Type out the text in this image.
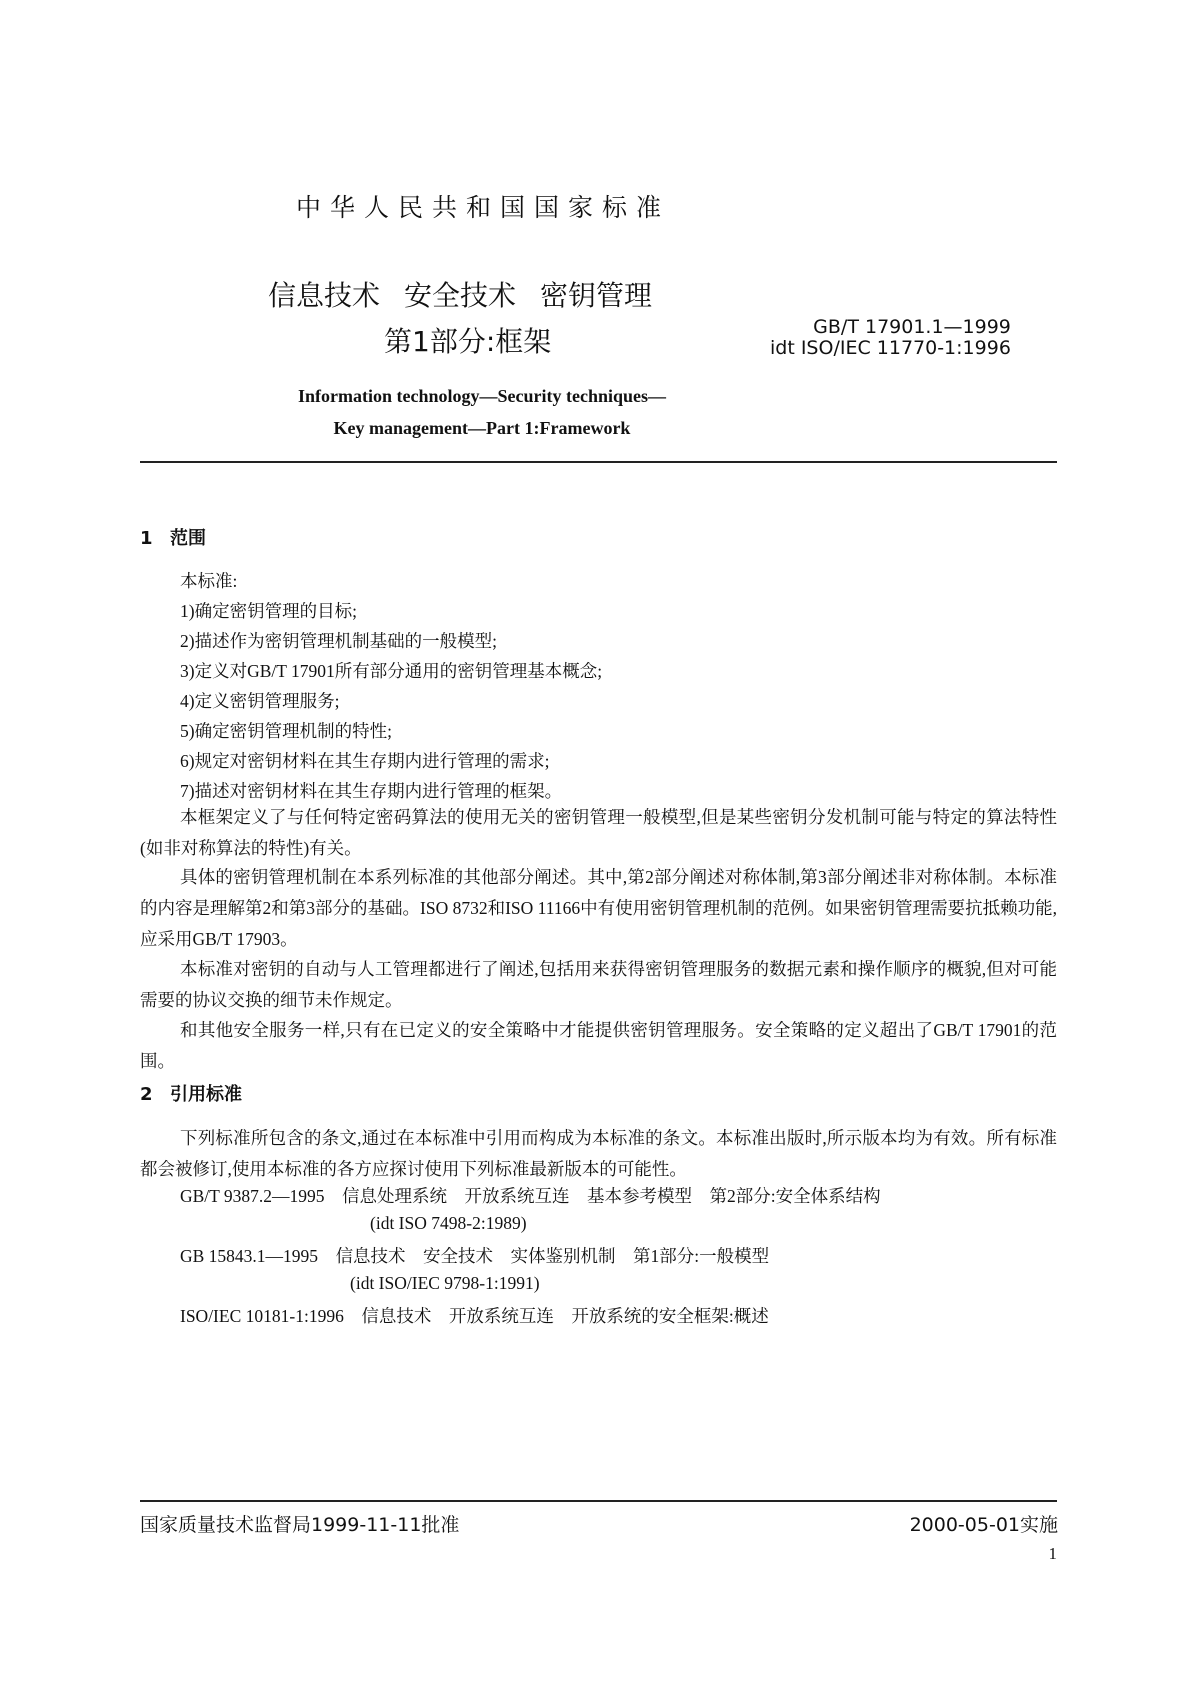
中华人民共和国国家标准
信息技术 安全技术 密钥管理
第1部分:框架	GB/T 17901.1—1999
idt ISO/IEC 11770-1:1996
Information technology—Security techniques—
Key management—Part 1:Framework
1 范围
本标准:
1)确定密钥管理的目标;
2)描述作为密钥管理机制基础的一般模型;
3)定义对GB/T 17901所有部分通用的密钥管理基本概念;
4)定义密钥管理服务;
5)确定密钥管理机制的特性;
6)规定对密钥材料在其生存期内进行管理的需求;
7)描述对密钥材料在其生存期内进行管理的框架。
本框架定义了与任何特定密码算法的使用无关的密钥管理一般模型,但是某些密钥分发机制可能与特定的算法特性(如非对称算法的特性)有关。
具体的密钥管理机制在本系列标准的其他部分阐述。其中,第2部分阐述对称体制,第3部分阐述非对称体制。本标准的内容是理解第2和第3部分的基础。ISO 8732和ISO 11166中有使用密钥管理机制的范例。如果密钥管理需要抗抵赖功能,应采用GB/T 17903。
本标准对密钥的自动与人工管理都进行了阐述,包括用来获得密钥管理服务的数据元素和操作顺序的概貌,但对可能需要的协议交换的细节未作规定。
和其他安全服务一样,只有在已定义的安全策略中才能提供密钥管理服务。安全策略的定义超出了GB/T 17901的范围。
2 引用标准
下列标准所包含的条文,通过在本标准中引用而构成为本标准的条文。本标准出版时,所示版本均为有效。所有标准都会被修订,使用本标准的各方应探讨使用下列标准最新版本的可能性。
GB/T 9387.2—1995　 信息处理系统　开放系统互连　基本参考模型　第2部分:安全体系结构
(idt ISO 7498-2:1989)
GB 15843.1—1995　 信息技术　安全技术　实体鉴别机制　第1部分:一般模型
(idt ISO/IEC 9798-1:1991)
ISO/IEC 10181-1:1996　 信息技术　开放系统互连　开放系统的安全框架:概述
国家质量技术监督局1999-11-11批准	2000-05-01实施
1
